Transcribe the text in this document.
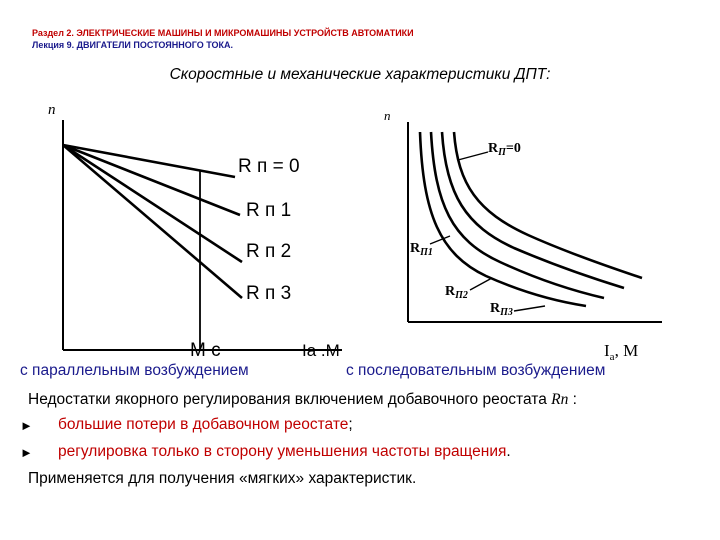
Раздел 2. ЭЛЕКТРИЧЕСКИЕ МАШИНЫ И МИКРОМАШИНЫ УСТРОЙСТВ АВТОМАТИКИ
Лекция 9. ДВИГАТЕЛИ ПОСТОЯННОГО ТОКА.
Скоростные и механические характеристики ДПТ:
n
R п = 0
R п 1
R п 2
R п 3
M c	Ia .M
n
$R_П=0$
$R_{П1}$
$R_{П2}$
$R_{П3}$
$I_a$, M
с параллельным возбуждением	с последовательным возбуждением
Недостатки якорного регулирования включением добавочного реостата Rп :
► большие потери в добавочном реостате;
► регулировка только в сторону уменьшения частоты вращения.
Применяется для получения «мягких» характеристик.
